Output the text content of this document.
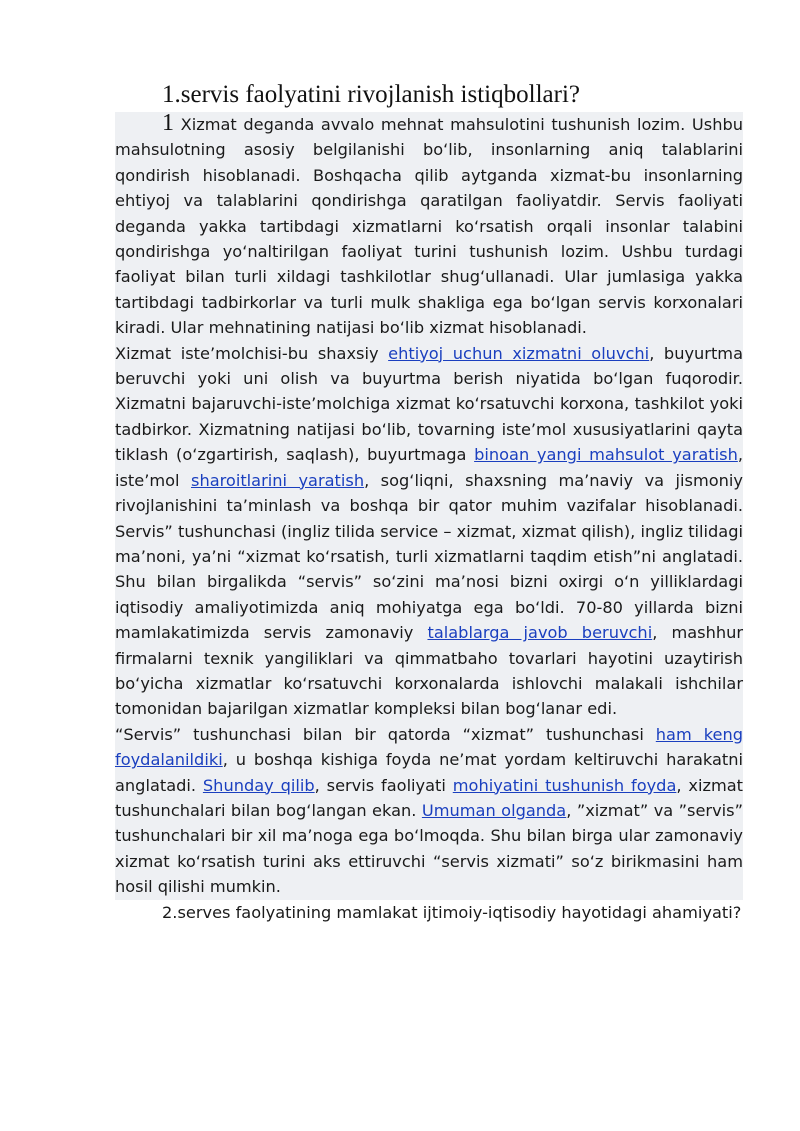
1.servis faolyatini rivojlanish istiqbollari?

1 Xizmat deganda avvalo mehnat mahsulotini tushunish lozim. Ushbu mahsulotning asosiy belgilanishi bo‘lib, insonlarning aniq talablarini qondirish hisoblanadi. Boshqacha qilib aytganda xizmat-bu insonlarning ehtiyoj va talablarini qondirishga qaratilgan faoliyatdir. Servis faoliyati deganda yakka tartibdagi xizmatlarni ko‘rsatish orqali insonlar talabini qondirishga yo‘naltirilgan faoliyat turini tushunish lozim. Ushbu turdagi faoliyat bilan turli xildagi tashkilotlar shug‘ullanadi. Ular jumlasiga yakka tartibdagi tadbirkorlar va turli mulk shakliga ega bo‘lgan servis korxonalari kiradi. Ular mehnatining natijasi bo‘lib xizmat hisoblanadi.

Xizmat iste’molchisi-bu shaxsiy ehtiyoj uchun xizmatni oluvchi, buyurtma beruvchi yoki uni olish va buyurtma berish niyatida bo‘lgan fuqorodir. Xizmatni bajaruvchi-iste’molchiga xizmat ko‘rsatuvchi korxona, tashkilot yoki tadbirkor. Xizmatning natijasi bo‘lib, tovarning iste’mol xususiyatlarini qayta tiklash (o‘zgartirish, saqlash), buyurtmaga binoan yangi mahsulot yaratish, iste’mol sharoitlarini yaratish, sog‘liqni, shaxsning ma’naviy va jismoniy rivojlanishini ta’minlash va boshqa bir qator muhim vazifalar hisoblanadi. Servis” tushunchasi (ingliz tilida service – xizmat, xizmat qilish), ingliz tilidagi ma’noni, ya’ni “xizmat ko‘rsatish, turli xizmatlarni taqdim etish”ni anglatadi. Shu bilan birgalikda “servis” so‘zini ma’nosi bizni oxirgi o‘n yilliklardagi iqtisodiy amaliyotimizda aniq mohiyatga ega bo‘ldi. 70-80 yillarda bizni mamlakatimizda servis zamonaviy talablarga javob beruvchi, mashhur firmalarni texnik yangiliklari va qimmatbaho tovarlari hayotini uzaytirish bo‘yicha xizmatlar ko‘rsatuvchi korxonalarda ishlovchi malakali ishchilar tomonidan bajarilgan xizmatlar kompleksi bilan bog‘lanar edi.

“Servis” tushunchasi bilan bir qatorda “xizmat” tushunchasi ham keng foydalanildiki, u boshqa kishiga foyda ne’mat yordam keltiruvchi harakatni anglatadi. Shunday qilib, servis faoliyati mohiyatini tushunish foyda, xizmat tushunchalari bilan bog‘langan ekan. Umuman olganda, ”xizmat” va ”servis” tushunchalari bir xil ma’noga ega bo‘lmoqda. Shu bilan birga ular zamonaviy xizmat ko‘rsatish turini aks ettiruvchi “servis xizmati” so‘z birikmasini ham hosil qilishi mumkin.

2.serves faolyatining mamlakat ijtimoiy-iqtisodiy hayotidagi ahamiyati?
